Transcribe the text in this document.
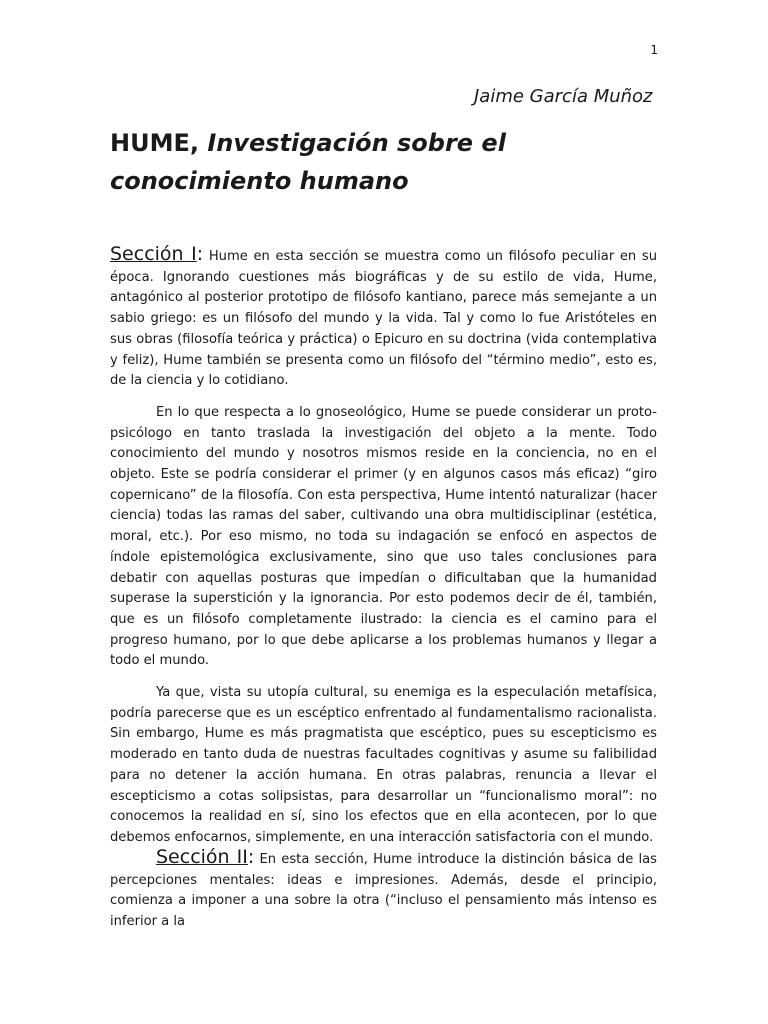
1
Jaime García Muñoz
HUME, Investigación sobre el conocimiento humano

Sección I: Hume en esta sección se muestra como un filósofo peculiar en su época. Ignorando cuestiones más biográficas y de su estilo de vida, Hume, antagónico al posterior prototipo de filósofo kantiano, parece más semejante a un sabio griego: es un filósofo del mundo y la vida. Tal y como lo fue Aristóteles en sus obras (filosofía teórica y práctica) o Epicuro en su doctrina (vida contemplativa y feliz), Hume también se presenta como un filósofo del “término medio”, esto es, de la ciencia y lo cotidiano.

En lo que respecta a lo gnoseológico, Hume se puede considerar un proto-psicólogo en tanto traslada la investigación del objeto a la mente. Todo conocimiento del mundo y nosotros mismos reside en la conciencia, no en el objeto. Este se podría considerar el primer (y en algunos casos más eficaz) “giro copernicano” de la filosofía. Con esta perspectiva, Hume intentó naturalizar (hacer ciencia) todas las ramas del saber, cultivando una obra multidisciplinar (estética, moral, etc.). Por eso mismo, no toda su indagación se enfocó en aspectos de índole epistemológica exclusivamente, sino que uso tales conclusiones para debatir con aquellas posturas que impedían o dificultaban que la humanidad superase la superstición y la ignorancia. Por esto podemos decir de él, también, que es un filósofo completamente ilustrado: la ciencia es el camino para el progreso humano, por lo que debe aplicarse a los problemas humanos y llegar a todo el mundo.

Ya que, vista su utopía cultural, su enemiga es la especulación metafísica, podría parecerse que es un escéptico enfrentado al fundamentalismo racionalista. Sin embargo, Hume es más pragmatista que escéptico, pues su escepticismo es moderado en tanto duda de nuestras facultades cognitivas y asume su falibilidad para no detener la acción humana. En otras palabras, renuncia a llevar el escepticismo a cotas solipsistas, para desarrollar un “funcionalismo moral”: no conocemos la realidad en sí, sino los efectos que en ella acontecen, por lo que debemos enfocarnos, simplemente, en una interacción satisfactoria con el mundo.

Sección II: En esta sección, Hume introduce la distinción básica de las percepciones mentales: ideas e impresiones. Además, desde el principio, comienza a imponer a una sobre la otra (“incluso el pensamiento más intenso es inferior a la
